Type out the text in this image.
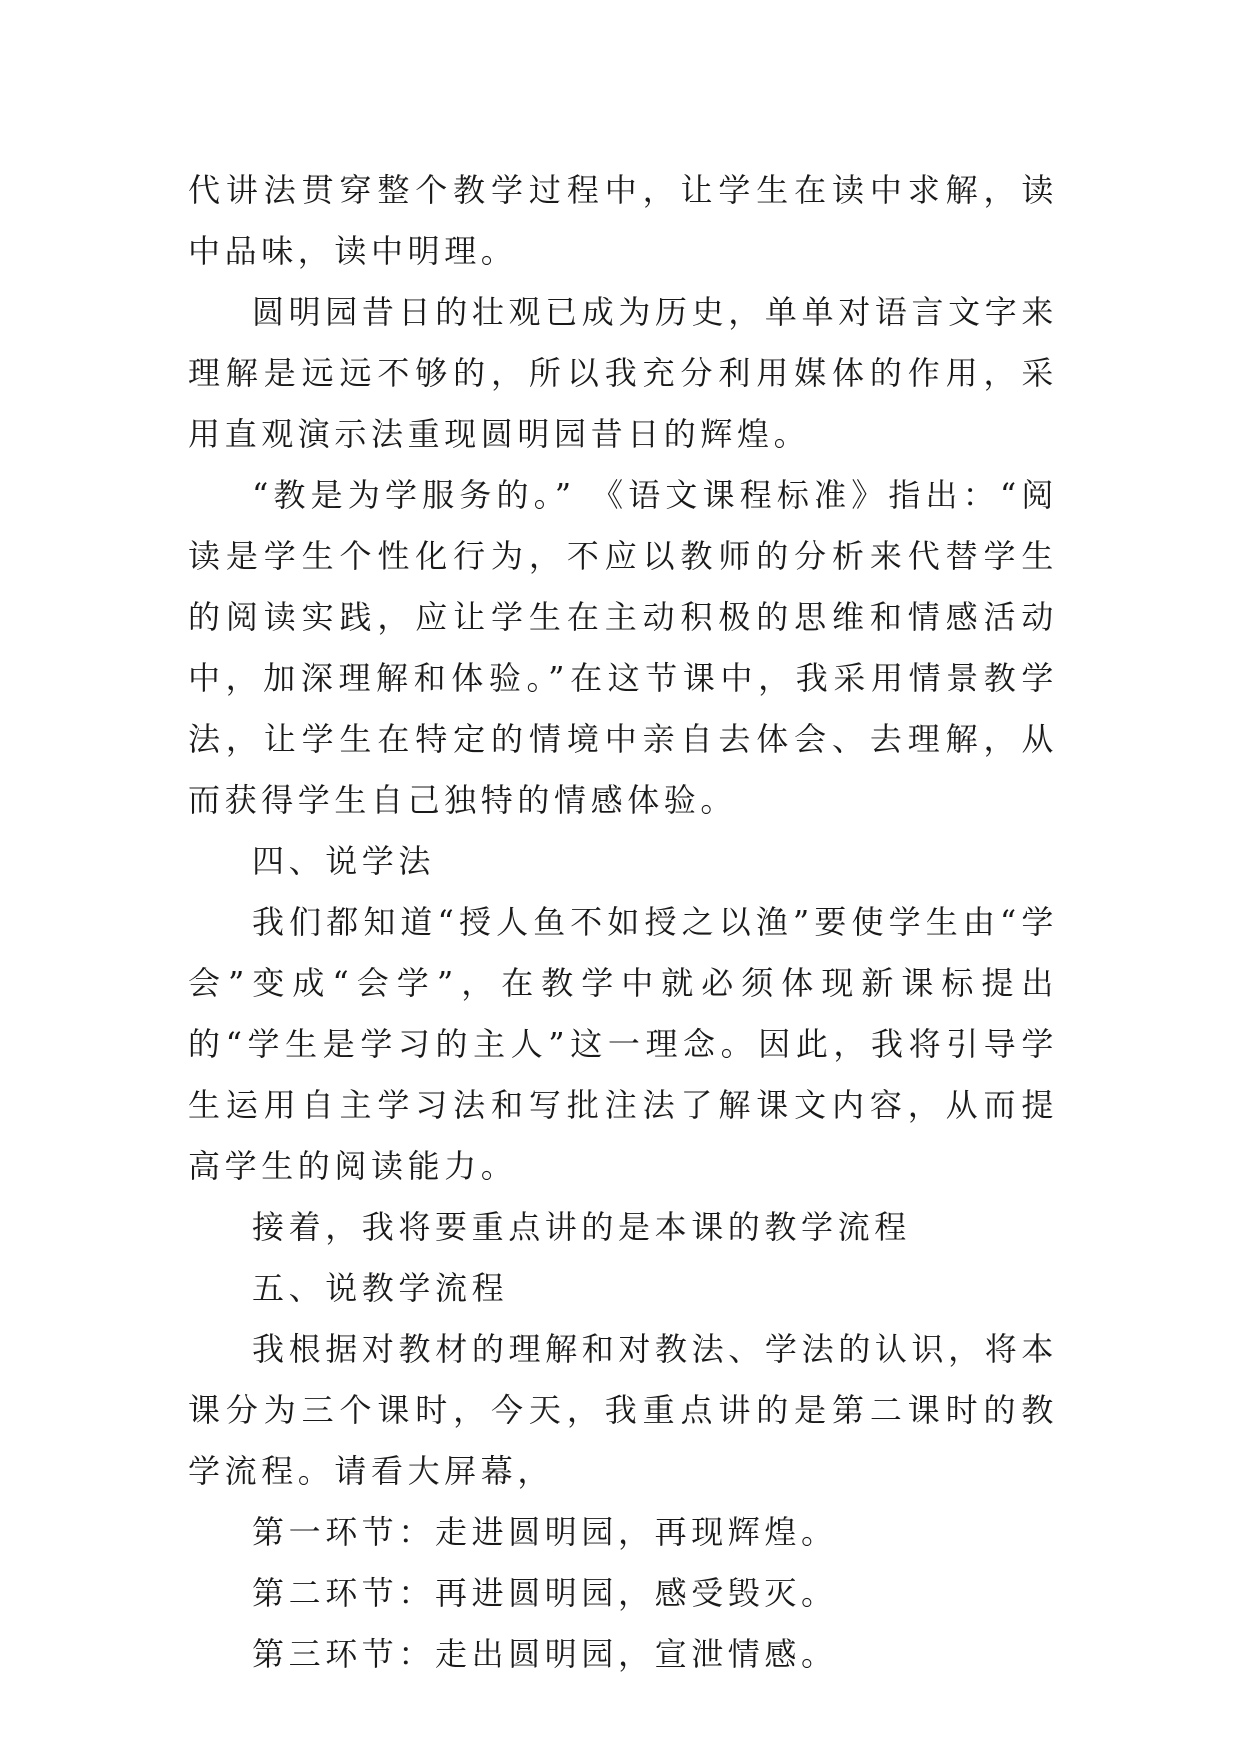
代讲法贯穿整个教学过程中，让学生在读中求解，读中品味，读中明理。

圆明园昔日的壮观已成为历史，单单对语言文字来理解是远远不够的，所以我充分利用媒体的作用，采用直观演示法重现圆明园昔日的辉煌。

“教是为学服务的。” 《语文课程标准》指出：“阅读是学生个性化行为，不应以教师的分析来代替学生的阅读实践，应让学生在主动积极的思维和情感活动中，加深理解和体验。”在这节课中，我采用情景教学法，让学生在特定的情境中亲自去体会、去理解，从而获得学生自己独特的情感体验。

四、说学法

我们都知道“授人鱼不如授之以渔”要使学生由“学会”变成“会学”，在教学中就必须体现新课标提出的“学生是学习的主人”这一理念。因此，我将引导学生运用自主学习法和写批注法了解课文内容，从而提高学生的阅读能力。

接着，我将要重点讲的是本课的教学流程

五、说教学流程

我根据对教材的理解和对教法、学法的认识，将本课分为三个课时，今天，我重点讲的是第二课时的教学流程。请看大屏幕，

第一环节：走进圆明园，再现辉煌。

第二环节：再进圆明园，感受毁灭。

第三环节：走出圆明园，宣泄情感。
